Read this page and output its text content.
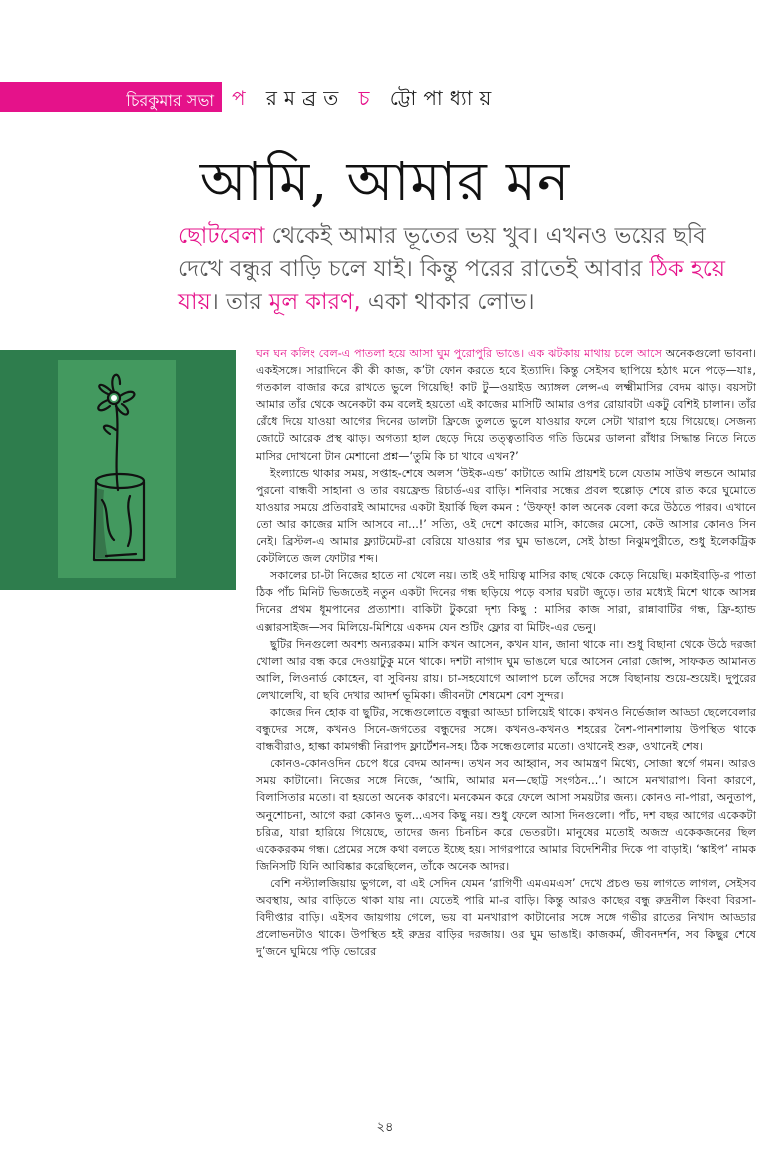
চিরকুমার সভা প রমব্রত চ ট্টোপাধ্যায়
আমি, আমার মন
ছোটবেলা থেকেই আমার ভূতের ভয় খুব। এখনও ভয়ের ছবি দেখে বন্ধুর বাড়ি চলে যাই। কিন্তু পরের রাতেই আবার ঠিক হয়ে যায়। তার মূল কারণ, একা থাকার লোভ।

ঘন ঘন কলিং বেল-এ পাতলা হয়ে আসা ঘুম পুরোপুরি ভাঙে। এক ঝটকায় মাথায় চলে আসে অনেকগুলো ভাবনা। একইসঙ্গে। সারাদিনে কী কী কাজ, ক’টা ফোন করতে হবে ইত্যাদি। কিন্তু সেইসব ছাপিয়ে হঠাৎ মনে পড়ে—যাঃ, গতকাল বাজার করে রাখতে ভুলে গিয়েছি! কাট টু—ওয়াইড অ্যাঙ্গল লেন্স-এ লক্ষ্মীমাসির বেদম ঝাড়। বয়সটা আমার তাঁর থেকে অনেকটা কম বলেই হয়তো এই কাজের মাসিটি আমার ওপর রোয়াবটা একটু বেশিই চালান। তাঁর রেঁধে দিয়ে যাওয়া আগের দিনের ডালটা ফ্রিজে তুলতে ভুলে যাওয়ার ফলে সেটা খারাপ হয়ে গিয়েছে। সেজন্য জোটে আরেক প্রস্থ ঝাড়। অগত্যা হাল ছেড়ে দিয়ে তত্ত্বতাবিত গতি ডিমের ডালনা রাঁধার সিদ্ধান্ত নিতে নিতে মাসির দোখনো টান মেশানো প্রশ্ন—‘তুমি কি চা খাবে এখন?’

ইংল্যান্ডে থাকার সময়, সপ্তাহ-শেষে অলস ‘উইক-এন্ড’ কাটাতে আমি প্রায়শই চলে যেতাম সাউথ লন্ডনে আমার পুরনো বান্ধবী সাহানা ও তার বয়ফ্রেন্ড রিচার্ড-এর বাড়ি। শনিবার সন্ধের প্রবল হুল্লোড় শেষে রাত করে ঘুমোতে যাওয়ার সময়ে প্রতিবারই আমাদের একটা ইয়ার্কি ছিল কমন : ‘উফফ্! কাল অনেক বেলা করে উঠতে পারব। এখানে তো আর কাজের মাসি আসবে না...!’ সত্যি, ওই দেশে কাজের মাসি, কাজের মেসো, কেউ আসার কোনও সিন নেই। ব্রিস্টল-এ আমার ফ্ল্যাটমেট-রা বেরিয়ে যাওয়ার পর ঘুম ভাঙলে, সেই ঠান্ডা নিঝুমপুরীতে, শুধু ইলেকট্রিক কেটলিতে জল ফোটার শব্দ।

সকালের চা-টা নিজের হাতে না খেলে নয়। তাই ওই দায়িত্ব মাসির কাছ থেকে কেড়ে নিয়েছি। মকাইবাড়ি-র পাতা ঠিক পাঁচ মিনিট ভিজতেই নতুন একটা দিনের গন্ধ ছড়িয়ে পড়ে বসার ঘরটা জুড়ে। তার মধ্যেই মিশে থাকে আসন্ন দিনের প্রথম ধূমপানের প্রত্যাশা। বাকিটা টুকরো দৃশ্য কিছু : মাসির কাজ সারা, রান্নাবাটির গন্ধ, ফ্রি-হ্যান্ড এক্সারসাইজ—সব মিলিয়ে-মিশিয়ে একদম যেন শুটিং ফ্লোর বা মিটিং-এর ভেনু।

ছুটির দিনগুলো অবশ্য অন্যরকম। মাসি কখন আসেন, কখন যান, জানা থাকে না। শুধু বিছানা থেকে উঠে দরজা খোলা আর বন্ধ করে দেওয়াটুকু মনে থাকে। দশটা নাগাদ ঘুম ভাঙলে ঘরে আসেন নোরা জোন্স, সাফকত আমানত আলি, লিওনার্ড কোহেন, বা সুবিনয় রায়। চা-সহযোগে আলাপ চলে তাঁদের সঙ্গে বিছানায় শুয়ে-শুয়েই। দুপুরের লেখালেখি, বা ছবি দেখার আদর্শ ভূমিকা। জীবনটা শেষমেশ বেশ সুন্দর।

কাজের দিন হোক বা ছুটির, সন্ধেগুলোতে বন্ধুরা আড্ডা চালিয়েই থাকে। কখনও নির্ভেজাল আড্ডা ছেলেবেলার বন্ধুদের সঙ্গে, কখনও সিনে-জগতের বন্ধুদের সঙ্গে। কখনও-কখনও শহরের নৈশ-পানশালায় উপস্থিত থাকে বান্ধবীরাও, হাল্কা কামগন্ধী নিরাপদ ফ্লার্টেশন-সহ। ঠিক সন্ধেগুলোর মতো। ওখানেই শুরু, ওখানেই শেষ।

কোনও-কোনওদিন চেপে ধরে বেদম আনন্দ। তখন সব আহ্বান, সব আমন্ত্রণ মিথ্যে, সোজা স্বর্গে গমন। আরও সময় কাটানো। নিজের সঙ্গে নিজে, ‘আমি, আমার মন—ছোট্ট সংগঠন...’। আসে মনখারাপ। বিনা কারণে, বিলাসিতার মতো। বা হয়তো অনেক কারণে। মনকেমন করে ফেলে আসা সময়টার জন্য। কোনও না-পারা, অনুতাপ, অনুশোচনা, আগে করা কোনও ভুল...এসব কিছু নয়। শুধু ফেলে আসা দিনগুলো। পাঁচ, দশ বছর আগের একেকটা চরিত্র, যারা হারিয়ে গিয়েছে, তাদের জন্য চিনচিন করে ভেতরটা। মানুষের মতোই অজস্র একেকজনের ছিল একেকরকম গন্ধ। প্রেমের সঙ্গে কথা বলতে ইচ্ছে হয়। সাগরপারে আমার বিদেশিনীর দিকে পা বাড়াই। ‘স্কাইপ’ নামক জিনিসটি যিনি আবিষ্কার করেছিলেন, তাঁকে অনেক আদর।

বেশি নস্ট্যালজিয়ায় ভুগলে, বা এই সেদিন যেমন ‘রাগিণী এমএমএস’ দেখে প্রচণ্ড ভয় লাগতে লাগল, সেইসব অবস্থায়, আর বাড়িতে থাকা যায় না। যেতেই পারি মা-র বাড়ি। কিন্তু আরও কাছের বন্ধু রুদ্রনীল কিংবা বিরসা-বিদীপ্তার বাড়ি। এইসব জায়গায় গেলে, ভয় বা মনখারাপ কাটানোর সঙ্গে সঙ্গে গভীর রাতের নিখাদ আড্ডার প্রলোভনটাও থাকে। উপস্থিত হই রুদ্রর বাড়ির দরজায়। ওর ঘুম ভাঙাই। কাজকর্ম, জীবনদর্শন, সব কিছুর শেষে দু’জনে ঘুমিয়ে পড়ি ভোরের

২৪
